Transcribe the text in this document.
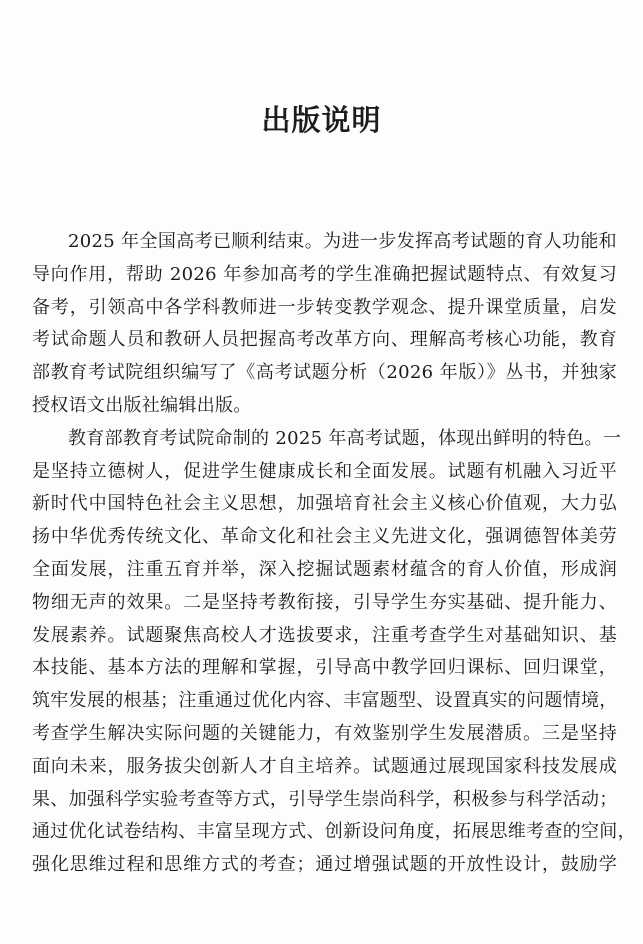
出版说明
2025 年全国高考已顺利结束。为进一步发挥高考试题的育人功能和
导向作用，帮助 2026 年参加高考的学生准确把握试题特点、有效复习
备考，引领高中各学科教师进一步转变教学观念、提升课堂质量，启发
考试命题人员和教研人员把握高考改革方向、理解高考核心功能，教育
部教育考试院组织编写了《高考试题分析（2026 年版）》丛书，并独家
授权语文出版社编辑出版。
教育部教育考试院命制的 2025 年高考试题，体现出鲜明的特色。一
是坚持立德树人，促进学生健康成长和全面发展。试题有机融入习近平
新时代中国特色社会主义思想，加强培育社会主义核心价值观，大力弘
扬中华优秀传统文化、革命文化和社会主义先进文化，强调德智体美劳
全面发展，注重五育并举，深入挖掘试题素材蕴含的育人价值，形成润
物细无声的效果。二是坚持考教衔接，引导学生夯实基础、提升能力、
发展素养。试题聚焦高校人才选拔要求，注重考查学生对基础知识、基
本技能、基本方法的理解和掌握，引导高中教学回归课标、回归课堂，
筑牢发展的根基；注重通过优化内容、丰富题型、设置真实的问题情境，
考查学生解决实际问题的关键能力，有效鉴别学生发展潜质。三是坚持
面向未来，服务拔尖创新人才自主培养。试题通过展现国家科技发展成
果、加强科学实验考查等方式，引导学生崇尚科学，积极参与科学活动；
通过优化试卷结构、丰富呈现方式、创新设问角度，拓展思维考查的空间，
强化思维过程和思维方式的考查；通过增强试题的开放性设计，鼓励学
